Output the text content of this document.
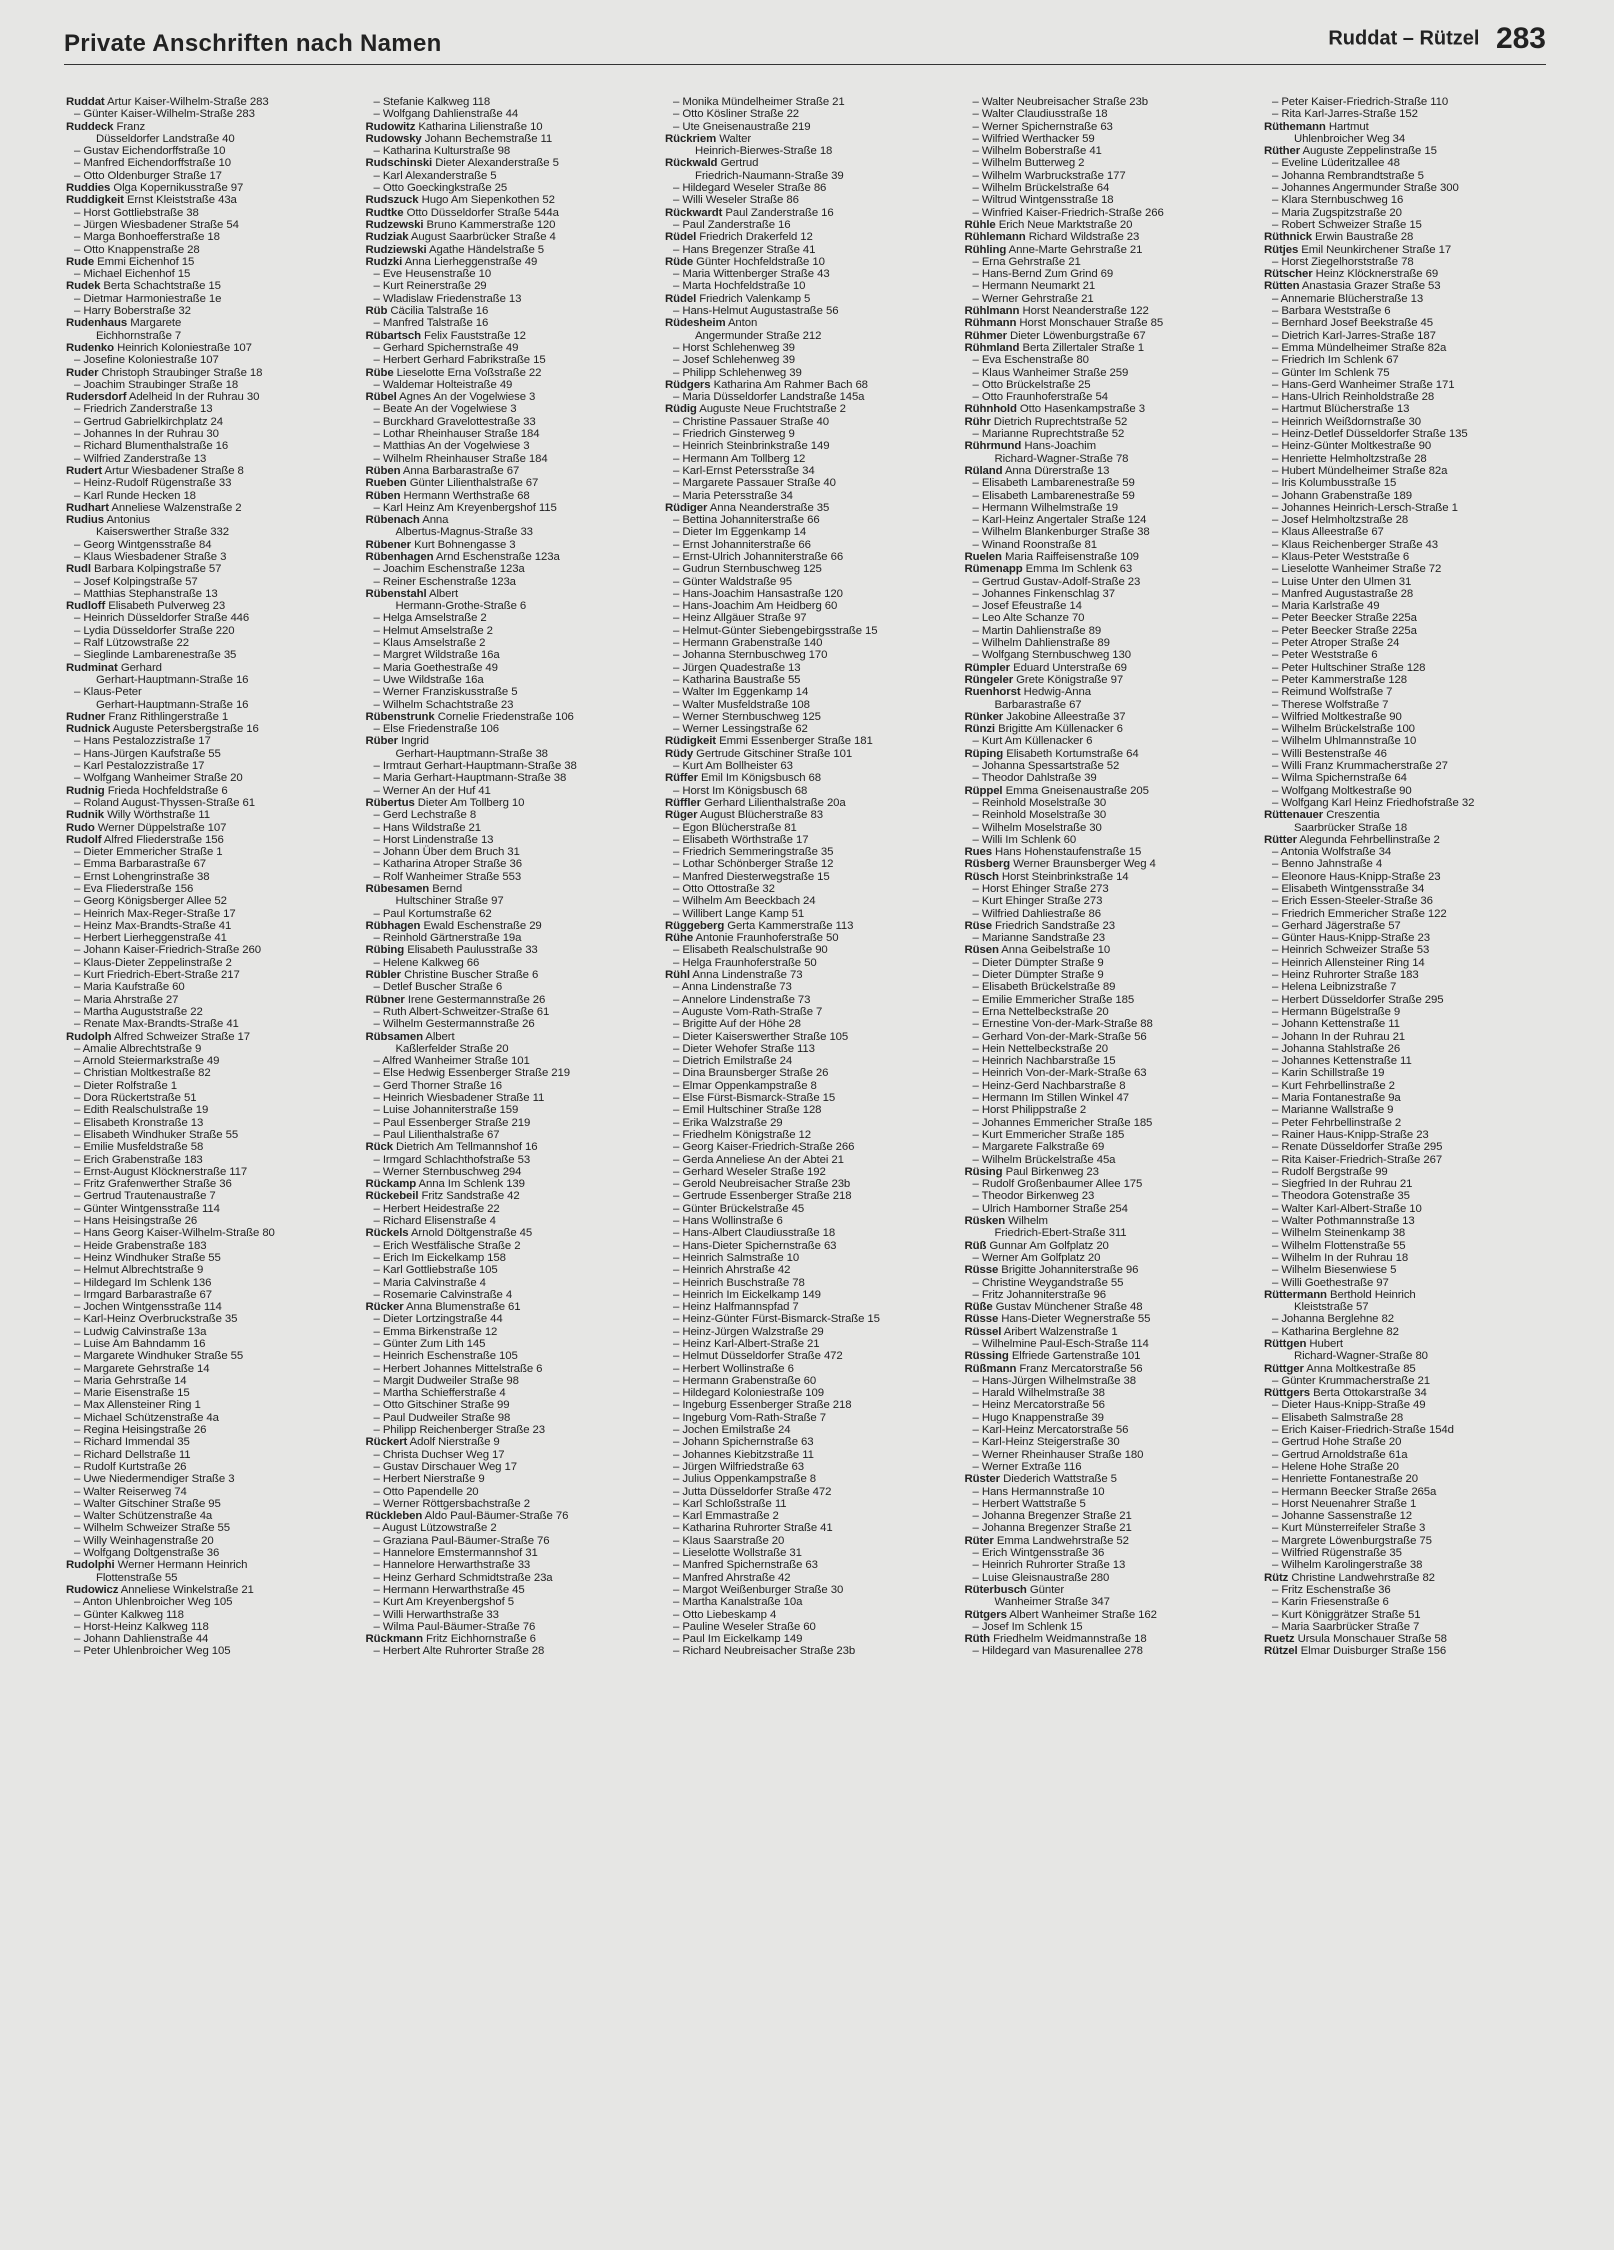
Private Anschriften nach Namen	Ruddat – Rützel 283
Ruddat Artur Kaiser-Wilhelm-Straße 283
– Günter Kaiser-Wilhelm-Straße 283
Ruddeck Franz
Düsseldorfer Landstraße 40
– Gustav Eichendorffstraße 10
– Manfred Eichendorffstraße 10
– Otto Oldenburger Straße 17
Ruddies Olga Kopernikusstraße 97
Ruddigkeit Ernst Kleiststraße 43a
– Horst Gottliebstraße 38
– Jürgen Wiesbadener Straße 54
– Marga Bonhoefferstraße 18
– Otto Knappenstraße 28
Rude Emmi Eichenhof 15
– Michael Eichenhof 15
Rudek Berta Schachtstraße 15
– Dietmar Harmoniestraße 1e
– Harry Boberstraße 32
Rudenhaus Margarete
Eichhornstraße 7
Rudenko Heinrich Koloniestraße 107
– Josefine Koloniestraße 107
Ruder Christoph Straubinger Straße 18
– Joachim Straubinger Straße 18
Rudersdorf Adelheid In der Ruhrau 30
– Friedrich Zanderstraße 13
– Gertrud Gabrielkirchplatz 24
– Johannes In der Ruhrau 30
– Richard Blumenthalstraße 16
– Wilfried Zanderstraße 13
Rudert Artur Wiesbadener Straße 8
– Heinz-Rudolf Rügenstraße 33
– Karl Runde Hecken 18
Rudhart Anneliese Walzenstraße 2
Rudius Antonius
Kaiserswerther Straße 332
– Georg Wintgensstraße 84
– Klaus Wiesbadener Straße 3
Rudl Barbara Kolpingstraße 57
– Josef Kolpingstraße 57
– Matthias Stephanstraße 13
Rudloff Elisabeth Pulverweg 23
– Heinrich Düsseldorfer Straße 446
– Lydia Düsseldorfer Straße 220
– Ralf Lützowstraße 22
– Sieglinde Lambarenestraße 35
Rudminat Gerhard
Gerhart-Hauptmann-Straße 16
– Klaus-Peter
Gerhart-Hauptmann-Straße 16
Rudner Franz Rithlingerstraße 1
Rudnick Auguste Petersbergstraße 16
– Hans Pestalozzistraße 17
– Hans-Jürgen Kaufstraße 55
– Karl Pestalozzistraße 17
– Wolfgang Wanheimer Straße 20
Rudnig Frieda Hochfeldstraße 6
– Roland August-Thyssen-Straße 61
Rudnik Willy Wörthstraße 11
Rudo Werner Düppelstraße 107
Rudolf Alfred Fliederstraße 156
– Dieter Emmericher Straße 1
– Emma Barbarastraße 67
– Ernst Lohengrinstraße 38
– Eva Fliederstraße 156
– Georg Königsberger Allee 52
– Heinrich Max-Reger-Straße 17
– Heinz Max-Brandts-Straße 41
– Herbert Lierheggenstraße 41
– Johann Kaiser-Friedrich-Straße 260
– Klaus-Dieter Zeppelinstraße 2
– Kurt Friedrich-Ebert-Straße 217
– Maria Kaufstraße 60
– Maria Ahrstraße 27
– Martha Auguststraße 22
– Renate Max-Brandts-Straße 41
Rudolph Alfred Schweizer Straße 17
– Amalie Albrechtstraße 9
– Arnold Steiermarkstraße 49
– Christian Moltkestraße 82
– Dieter Rolfstraße 1
– Dora Rückertstraße 51
– Edith Realschulstraße 19
– Elisabeth Kronstraße 13
– Elisabeth Windhuker Straße 55
– Emilie Musfeldstraße 58
– Erich Grabenstraße 183
– Ernst-August Klöcknerstraße 117
– Fritz Grafenwerther Straße 36
– Gertrud Trautenaustraße 7
– Günter Wintgensstraße 114
– Hans Heisingstraße 26
– Hans Georg Kaiser-Wilhelm-Straße 80
– Heide Grabenstraße 183
– Heinz Windhuker Straße 55
– Helmut Albrechtstraße 9
– Hildegard Im Schlenk 136
– Irmgard Barbarastraße 67
– Jochen Wintgensstraße 114
– Karl-Heinz Overbruckstraße 35
– Ludwig Calvinstraße 13a
– Luise Am Bahndamm 16
– Margarete Windhuker Straße 55
– Margarete Gehrstraße 14
– Maria Gehrstraße 14
– Marie Eisenstraße 15
– Max Allensteiner Ring 1
– Michael Schützenstraße 4a
– Regina Heisingstraße 26
– Richard Immendal 35
– Richard Dellstraße 11
– Rudolf Kurtstraße 26
– Uwe Niedermendiger Straße 3
– Walter Reiserweg 74
– Walter Gitschiner Straße 95
– Walter Schützenstraße 4a
– Wilhelm Schweizer Straße 55
– Willy Weinhagenstraße 20
– Wolfgang Doltgenstraße 36
Rudolphi Werner Hermann Heinrich
Flottenstraße 55
Rudowicz Anneliese Winkelstraße 21
– Anton Uhlenbroicher Weg 105
– Günter Kalkweg 118
– Horst-Heinz Kalkweg 118
– Johann Dahlienstraße 44
– Peter Uhlenbroicher Weg 105
– Stefanie Kalkweg 118
– Wolfgang Dahlienstraße 44
Rudowitz Katharina Lilienstraße 10
Rudowsky Johann Bechemstraße 11
– Katharina Kulturstraße 98
Rudschinski Dieter Alexanderstraße 5
– Karl Alexanderstraße 5
– Otto Goeckingkstraße 25
Rudszuck Hugo Am Siepenkothen 52
Rudtke Otto Düsseldorfer Straße 544a
Rudzewski Bruno Kammerstraße 120
Rudziak August Saarbrücker Straße 4
Rudziewski Agathe Händelstraße 5
Rudzki Anna Lierheggenstraße 49
– Eve Heusenstraße 10
– Kurt Reinerstraße 29
– Wladislaw Friedenstraße 13
Rüb Cäcilia Talstraße 16
– Manfred Talstraße 16
Rübartsch Felix Fauststraße 12
– Gerhard Spichernstraße 49
– Herbert Gerhard Fabrikstraße 15
Rübe Lieselotte Erna Voßstraße 22
– Waldemar Holteistraße 49
Rübel Agnes An der Vogelwiese 3
– Beate An der Vogelwiese 3
– Burckhard Gravelottestraße 33
– Lothar Rheinhauser Straße 184
– Matthias An der Vogelwiese 3
– Wilhelm Rheinhauser Straße 184
Rüben Anna Barbarastraße 67
Rueben Günter Lilienthalstraße 67
Rüben Hermann Werthstraße 68
– Karl Heinz Am Kreyenbergshof 115
Rübenach Anna
Albertus-Magnus-Straße 33
Rübener Kurt Bohnengasse 3
Rübenhagen Arnd Eschenstraße 123a
– Joachim Eschenstraße 123a
– Reiner Eschenstraße 123a
Rübenstahl Albert
Hermann-Grothe-Straße 6
– Helga Amselstraße 2
– Helmut Amselstraße 2
– Klaus Amselstraße 2
– Margret Wildstraße 16a
– Maria Goethestraße 49
– Uwe Wildstraße 16a
– Werner Franziskusstraße 5
– Wilhelm Schachtstraße 23
Rübenstrunk Cornelie Friedenstraße 106
– Else Friedenstraße 106
Rüber Ingrid
Gerhart-Hauptmann-Straße 38
– Irmtraut Gerhart-Hauptmann-Straße 38
– Maria Gerhart-Hauptmann-Straße 38
– Werner An der Huf 41
Rübertus Dieter Am Tollberg 10
– Gerd Lechstraße 8
– Hans Wildstraße 21
– Horst Lindenstraße 13
– Johann Über dem Bruch 31
– Katharina Atroper Straße 36
– Rolf Wanheimer Straße 553
Rübesamen Bernd
Hultschiner Straße 97
– Paul Kortumstraße 62
Rübhagen Ewald Eschenstraße 29
– Reinhold Gärtnerstraße 19a
Rübing Elisabeth Paulusstraße 33
– Helene Kalkweg 66
Rübler Christine Buscher Straße 6
– Detlef Buscher Straße 6
Rübner Irene Gestermannstraße 26
– Ruth Albert-Schweitzer-Straße 61
– Wilhelm Gestermannstraße 26
Rübsamen Albert
Kaßlerfelder Straße 20
– Alfred Wanheimer Straße 101
– Else Hedwig Essenberger Straße 219
– Gerd Thorner Straße 16
– Heinrich Wiesbadener Straße 11
– Luise Johanniterstraße 159
– Paul Essenberger Straße 219
– Paul Lilienthalstraße 67
Rück Dietrich Am Tellmannshof 16
– Irmgard Schlachthofstraße 53
– Werner Sternbuschweg 294
Rückamp Anna Im Schlenk 139
Rückebeil Fritz Sandstraße 42
– Herbert Heidestraße 22
– Richard Elisenstraße 4
Rückels Arnold Döltgenstraße 45
– Erich Westfälische Straße 2
– Erich Im Eickelkamp 158
– Karl Gottliebstraße 105
– Maria Calvinstraße 4
– Rosemarie Calvinstraße 4
Rücker Anna Blumenstraße 61
– Dieter Lortzingstraße 44
– Emma Birkenstraße 12
– Günter Zum Lith 145
– Heinrich Eschenstraße 105
– Herbert Johannes Mittelstraße 6
– Margit Dudweiler Straße 98
– Martha Schiefferstraße 4
– Otto Gitschiner Straße 99
– Paul Dudweiler Straße 98
– Philipp Reichenberger Straße 23
Rückert Adolf Nierstraße 9
– Christa Duchser Weg 17
– Gustav Dirschauer Weg 17
– Herbert Nierstraße 9
– Otto Papendelle 20
– Werner Röttgersbachstraße 2
Rückleben Aldo Paul-Bäumer-Straße 76
– August Lützowstraße 2
– Graziana Paul-Bäumer-Straße 76
– Hannelore Emstermannshof 31
– Hannelore Herwarthstraße 33
– Heinz Gerhard Schmidtstraße 23a
– Hermann Herwarthstraße 45
– Kurt Am Kreyenbergshof 5
– Willi Herwarthstraße 33
– Wilma Paul-Bäumer-Straße 76
Rückmann Fritz Eichhornstraße 6
– Herbert Alte Ruhrorter Straße 28
– Monika Mündelheimer Straße 21
– Otto Kösliner Straße 22
– Ute Gneisenaustraße 219
Rückriem Walter
Heinrich-Bierwes-Straße 18
Rückwald Gertrud
Friedrich-Naumann-Straße 39
– Hildegard Weseler Straße 86
– Willi Weseler Straße 86
Rückwardt Paul Zanderstraße 16
– Paul Zanderstraße 16
Rüdel Friedrich Drakerfeld 12
– Hans Bregenzer Straße 41
Rüde Günter Hochfeldstraße 10
– Maria Wittenberger Straße 43
– Marta Hochfeldstraße 10
Rüdel Friedrich Valenkamp 5
– Hans-Helmut Augustastraße 56
Rüdesheim Anton
Angermunder Straße 212
– Horst Schlehenweg 39
– Josef Schlehenweg 39
– Philipp Schlehenweg 39
Rüdgers Katharina Am Rahmer Bach 68
– Maria Düsseldorfer Landstraße 145a
Rüdig Auguste Neue Fruchtstraße 2
– Christine Passauer Straße 40
– Friedrich Ginsterweg 9
– Heinrich Steinbrinkstraße 149
– Hermann Am Tollberg 12
– Karl-Ernst Petersstraße 34
– Margarete Passauer Straße 40
– Maria Petersstraße 34
Rüdiger Anna Neanderstraße 35
– Bettina Johanniterstraße 66
– Dieter Im Eggenkamp 14
– Ernst Johanniterstraße 66
– Ernst-Ulrich Johanniterstraße 66
– Gudrun Sternbuschweg 125
– Günter Waldstraße 95
– Hans-Joachim Hansastraße 120
– Hans-Joachim Am Heidberg 60
– Heinz Allgäuer Straße 97
– Helmut-Günter Siebengebirgsstraße 15
– Hermann Grabenstraße 140
– Johanna Sternbuschweg 170
– Jürgen Quadestraße 13
– Katharina Baustraße 55
– Walter Im Eggenkamp 14
– Walter Musfeldstraße 108
– Werner Sternbuschweg 125
– Werner Lessingstraße 62
Rüdigkeit Emmi Essenberger Straße 181
Rüdy Gertrude Gitschiner Straße 101
– Kurt Am Bollheister 63
Rüffer Emil Im Königsbusch 68
– Horst Im Königsbusch 68
Rüffler Gerhard Lilienthalstraße 20a
Rüger August Blücherstraße 83
– Egon Blücherstraße 81
– Elisabeth Wörthstraße 17
– Friedrich Semmeringstraße 35
– Lothar Schönberger Straße 12
– Manfred Diesterwegstraße 15
– Otto Ottostraße 32
– Wilhelm Am Beeckbach 24
– Willibert Lange Kamp 51
Rüggeberg Gerta Kammerstraße 113
Rühe Antonie Fraunhoferstraße 50
– Elisabeth Realschulstraße 90
– Helga Fraunhoferstraße 50
Rühl Anna Lindenstraße 73
– Anna Lindenstraße 73
– Annelore Lindenstraße 73
– Auguste Vom-Rath-Straße 7
– Brigitte Auf der Höhe 28
– Dieter Kaiserswerther Straße 105
– Dieter Wehofer Straße 113
– Dietrich Emilstraße 24
– Dina Braunsberger Straße 26
– Elmar Oppenkampstraße 8
– Else Fürst-Bismarck-Straße 15
– Emil Hultschiner Straße 128
– Erika Walzstraße 29
– Friedhelm Königstraße 12
– Georg Kaiser-Friedrich-Straße 266
– Gerda Anneliese An der Abtei 21
– Gerhard Weseler Straße 192
– Gerold Neubreisacher Straße 23b
– Gertrude Essenberger Straße 218
– Günter Brückelstraße 45
– Hans Wollinstraße 6
– Hans-Albert Claudiusstraße 18
– Hans-Dieter Spichernstraße 63
– Heinrich Salmstraße 10
– Heinrich Ahrstraße 42
– Heinrich Buschstraße 78
– Heinrich Im Eickelkamp 149
– Heinz Halfmannspfad 7
– Heinz-Günter Fürst-Bismarck-Straße 15
– Heinz-Jürgen Walzstraße 29
– Heinz Karl-Albert-Straße 21
– Helmut Düsseldorfer Straße 472
– Herbert Wollinstraße 6
– Hermann Grabenstraße 60
– Hildegard Koloniestraße 109
– Ingeburg Essenberger Straße 218
– Ingeburg Vom-Rath-Straße 7
– Jochen Emilstraße 24
– Johann Spichernstraße 63
– Johannes Kiebitzstraße 11
– Jürgen Wilfriedstraße 63
– Julius Oppenkampstraße 8
– Jutta Düsseldorfer Straße 472
– Karl Schloßstraße 11
– Karl Emmastraße 2
– Katharina Ruhrorter Straße 41
– Klaus Saarstraße 20
– Lieselotte Wollstraße 31
– Manfred Spichernstraße 63
– Manfred Ahrstraße 42
– Margot Weißenburger Straße 30
– Martha Kanalstraße 10a
– Otto Liebeskamp 4
– Pauline Weseler Straße 60
– Paul Im Eickelkamp 149
– Richard Neubreisacher Straße 23b
– Walter Neubreisacher Straße 23b
– Walter Claudiusstraße 18
– Werner Spichernstraße 63
– Wilfried Werthacker 59
– Wilhelm Boberstraße 41
– Wilhelm Butterweg 2
– Wilhelm Warbruckstraße 177
– Wilhelm Brückelstraße 64
– Wiltrud Wintgensstraße 18
– Winfried Kaiser-Friedrich-Straße 266
Rühle Erich Neue Marktstraße 20
Rühlemann Richard Wildstraße 23
Rühling Anne-Marte Gehrstraße 21
– Erna Gehrstraße 21
– Hans-Bernd Zum Grind 69
– Hermann Neumarkt 21
– Werner Gehrstraße 21
Rühlmann Horst Neanderstraße 122
Rühmann Horst Monschauer Straße 85
Rühmer Dieter Löwenburgstraße 67
Rühmland Berta Zillertaler Straße 1
– Eva Eschenstraße 80
– Klaus Wanheimer Straße 259
– Otto Brückelstraße 25
– Otto Fraunhoferstraße 54
Rühnhold Otto Hasenkampstraße 3
Rühr Dietrich Ruprechtstraße 52
– Marianne Ruprechtstraße 52
Rührmund Hans-Joachim
Richard-Wagner-Straße 78
Rüland Anna Dürerstraße 13
– Elisabeth Lambarenestraße 59
– Elisabeth Lambarenestraße 59
– Hermann Wilhelmstraße 19
– Karl-Heinz Angertaler Straße 124
– Wilhelm Blankenburger Straße 38
– Winand Roonstraße 81
Ruelen Maria Raiffeisenstraße 109
Rümenapp Emma Im Schlenk 63
– Gertrud Gustav-Adolf-Straße 23
– Johannes Finkenschlag 37
– Josef Efeustraße 14
– Leo Alte Schanze 70
– Martin Dahlienstraße 89
– Wilhelm Dahlienstraße 89
– Wolfgang Sternbuschweg 130
Rümpler Eduard Unterstraße 69
Rüngeler Grete Königstraße 97
Ruenhorst Hedwig-Anna
Barbarastraße 67
Rünker Jakobine Alleestraße 37
Rünzi Brigitte Am Küllenacker 6
– Kurt Am Küllenacker 6
Rüping Elisabeth Kortumstraße 64
– Johanna Spessartstraße 52
– Theodor Dahlstraße 39
Rüppel Emma Gneisenaustraße 205
– Reinhold Moselstraße 30
– Reinhold Moselstraße 30
– Wilhelm Moselstraße 30
– Willi Im Schlenk 60
Rues Hans Hohenstaufenstraße 15
Rüsberg Werner Braunsberger Weg 4
Rüsch Horst Steinbrinkstraße 14
– Horst Ehinger Straße 273
– Kurt Ehinger Straße 273
– Wilfried Dahliestraße 86
Rüse Friedrich Sandstraße 23
– Marianne Sandstraße 23
Rüsen Anna Geibelstraße 10
– Dieter Dümpter Straße 9
– Dieter Dümpter Straße 9
– Elisabeth Brückelstraße 89
– Emilie Emmericher Straße 185
– Erna Nettelbeckstraße 20
– Ernestine Von-der-Mark-Straße 88
– Gerhard Von-der-Mark-Straße 56
– Hein Nettelbeckstraße 20
– Heinrich Nachbarstraße 15
– Heinrich Von-der-Mark-Straße 63
– Heinz-Gerd Nachbarstraße 8
– Hermann Im Stillen Winkel 47
– Horst Philippstraße 2
– Johannes Emmericher Straße 185
– Kurt Emmericher Straße 185
– Margarete Falkstraße 69
– Wilhelm Brückelstraße 45a
Rüsing Paul Birkenweg 23
– Rudolf Großenbaumer Allee 175
– Theodor Birkenweg 23
– Ulrich Hamborner Straße 254
Rüsken Wilhelm
Friedrich-Ebert-Straße 311
Rüß Gunnar Am Golfplatz 20
– Werner Am Golfplatz 20
Rüsse Brigitte Johanniterstraße 96
– Christine Weygandstraße 55
– Fritz Johanniterstraße 96
Rüße Gustav Münchener Straße 48
Rüsse Hans-Dieter Wegnerstraße 55
Rüssel Aribert Walzenstraße 1
– Wilhelmine Paul-Esch-Straße 114
Rüssing Elfriede Gartenstraße 101
Rüßmann Franz Mercatorstraße 56
– Hans-Jürgen Wilhelmstraße 38
– Harald Wilhelmstraße 38
– Heinz Mercatorstraße 56
– Hugo Knappenstraße 39
– Karl-Heinz Mercatorstraße 56
– Karl-Heinz Steigerstraße 30
– Werner Rheinhauser Straße 180
– Werner Extraße 116
Rüster Diederich Wattstraße 5
– Hans Hermannstraße 10
– Herbert Wattstraße 5
– Johanna Bregenzer Straße 21
– Johanna Bregenzer Straße 21
Rüter Emma Landwehrstraße 52
– Erich Wintgensstraße 36
– Heinrich Ruhrorter Straße 13
– Luise Gleisnaustraße 280
Rüterbusch Günter
Wanheimer Straße 347
Rütgers Albert Wanheimer Straße 162
– Josef Im Schlenk 15
Rüth Friedhelm Weidmannstraße 18
– Hildegard van Masurenallee 278
– Peter Kaiser-Friedrich-Straße 110
– Rita Karl-Jarres-Straße 152
Rüthemann Hartmut
Uhlenbroicher Weg 34
Rüther Auguste Zeppelinstraße 15
– Eveline Lüderitzallee 48
– Johanna Rembrandtstraße 5
– Johannes Angermunder Straße 300
– Klara Sternbuschweg 16
– Maria Zugspitzstraße 20
– Robert Schweizer Straße 15
Rüthnick Erwin Baustraße 28
Rütjes Emil Neunkirchener Straße 17
– Horst Ziegelhorststraße 78
Rütscher Heinz Klöcknerstraße 69
Rütten Anastasia Grazer Straße 53
– Annemarie Blücherstraße 13
– Barbara Weststraße 6
– Bernhard Josef Beekstraße 45
– Dietrich Karl-Jarres-Straße 187
– Emma Mündelheimer Straße 82a
– Friedrich Im Schlenk 67
– Günter Im Schlenk 75
– Hans-Gerd Wanheimer Straße 171
– Hans-Ulrich Reinholdstraße 28
– Hartmut Blücherstraße 13
– Heinrich Weißdornstraße 30
– Heinz-Detlef Düsseldorfer Straße 135
– Heinz-Günter Moltkestraße 90
– Henriette Helmholtzstraße 28
– Hubert Mündelheimer Straße 82a
– Iris Kolumbusstraße 15
– Johann Grabenstraße 189
– Johannes Heinrich-Lersch-Straße 1
– Josef Helmholtzstraße 28
– Klaus Alleestraße 67
– Klaus Reichenberger Straße 43
– Klaus-Peter Weststraße 6
– Lieselotte Wanheimer Straße 72
– Luise Unter den Ulmen 31
– Manfred Augustastraße 28
– Maria Karlstraße 49
– Peter Beecker Straße 225a
– Peter Beecker Straße 225a
– Peter Atroper Straße 24
– Peter Weststraße 6
– Peter Hultschiner Straße 128
– Peter Kammerstraße 128
– Reimund Wolfstraße 7
– Therese Wolfstraße 7
– Wilfried Moltkestraße 90
– Wilhelm Brückelstraße 100
– Wilhelm Uhlmannstraße 10
– Willi Bestenstraße 46
– Willi Franz Krummacherstraße 27
– Wilma Spichernstraße 64
– Wolfgang Moltkestraße 90
– Wolfgang Karl Heinz Friedhofstraße 32
Rüttenauer Creszentia
Saarbrücker Straße 18
Rütter Alegunda Fehrbellinstraße 2
– Antonia Wolfstraße 34
– Benno Jahnstraße 4
– Eleonore Haus-Knipp-Straße 23
– Elisabeth Wintgensstraße 34
– Erich Essen-Steeler-Straße 36
– Friedrich Emmericher Straße 122
– Gerhard Jägerstraße 57
– Günter Haus-Knipp-Straße 23
– Heinrich Schweizer Straße 53
– Heinrich Allensteiner Ring 14
– Heinz Ruhrorter Straße 183
– Helena Leibnizstraße 7
– Herbert Düsseldorfer Straße 295
– Hermann Bügelstraße 9
– Johann Kettenstraße 11
– Johann In der Ruhrau 21
– Johanna Stahlstraße 26
– Johannes Kettenstraße 11
– Karin Schillstraße 19
– Kurt Fehrbellinstraße 2
– Maria Fontanestraße 9a
– Marianne Wallstraße 9
– Peter Fehrbellinstraße 2
– Rainer Haus-Knipp-Straße 23
– Renate Düsseldorfer Straße 295
– Rita Kaiser-Friedrich-Straße 267
– Rudolf Bergstraße 99
– Siegfried In der Ruhrau 21
– Theodora Gotenstraße 35
– Walter Karl-Albert-Straße 10
– Walter Pothmannstraße 13
– Wilhelm Steinenkamp 38
– Wilhelm Flottenstraße 55
– Wilhelm In der Ruhrau 18
– Wilhelm Biesenwiese 5
– Willi Goethestraße 97
Rüttermann Berthold Heinrich
Kleiststraße 57
– Johanna Berglehne 82
– Katharina Berglehne 82
Rüttgen Hubert
Richard-Wagner-Straße 80
Rüttger Anna Moltkestraße 85
– Günter Krummacherstraße 21
Rüttgers Berta Ottokarstraße 34
– Dieter Haus-Knipp-Straße 49
– Elisabeth Salmstraße 28
– Erich Kaiser-Friedrich-Straße 154d
– Gertrud Hohe Straße 20
– Gertrud Arnoldstraße 61a
– Helene Hohe Straße 20
– Henriette Fontanestraße 20
– Hermann Beecker Straße 265a
– Horst Neuenahrer Straße 1
– Johanne Sassenstraße 12
– Kurt Münsterreifeler Straße 3
– Margrete Löwenburgstraße 75
– Wilfried Rügenstraße 35
– Wilhelm Karolingerstraße 38
Rütz Christine Landwehrstraße 82
– Fritz Eschenstraße 36
– Karin Friesenstraße 6
– Kurt Königgrätzer Straße 51
– Maria Saarbrücker Straße 7
Ruetz Ursula Monschauer Straße 58
Rützel Elmar Duisburger Straße 156
